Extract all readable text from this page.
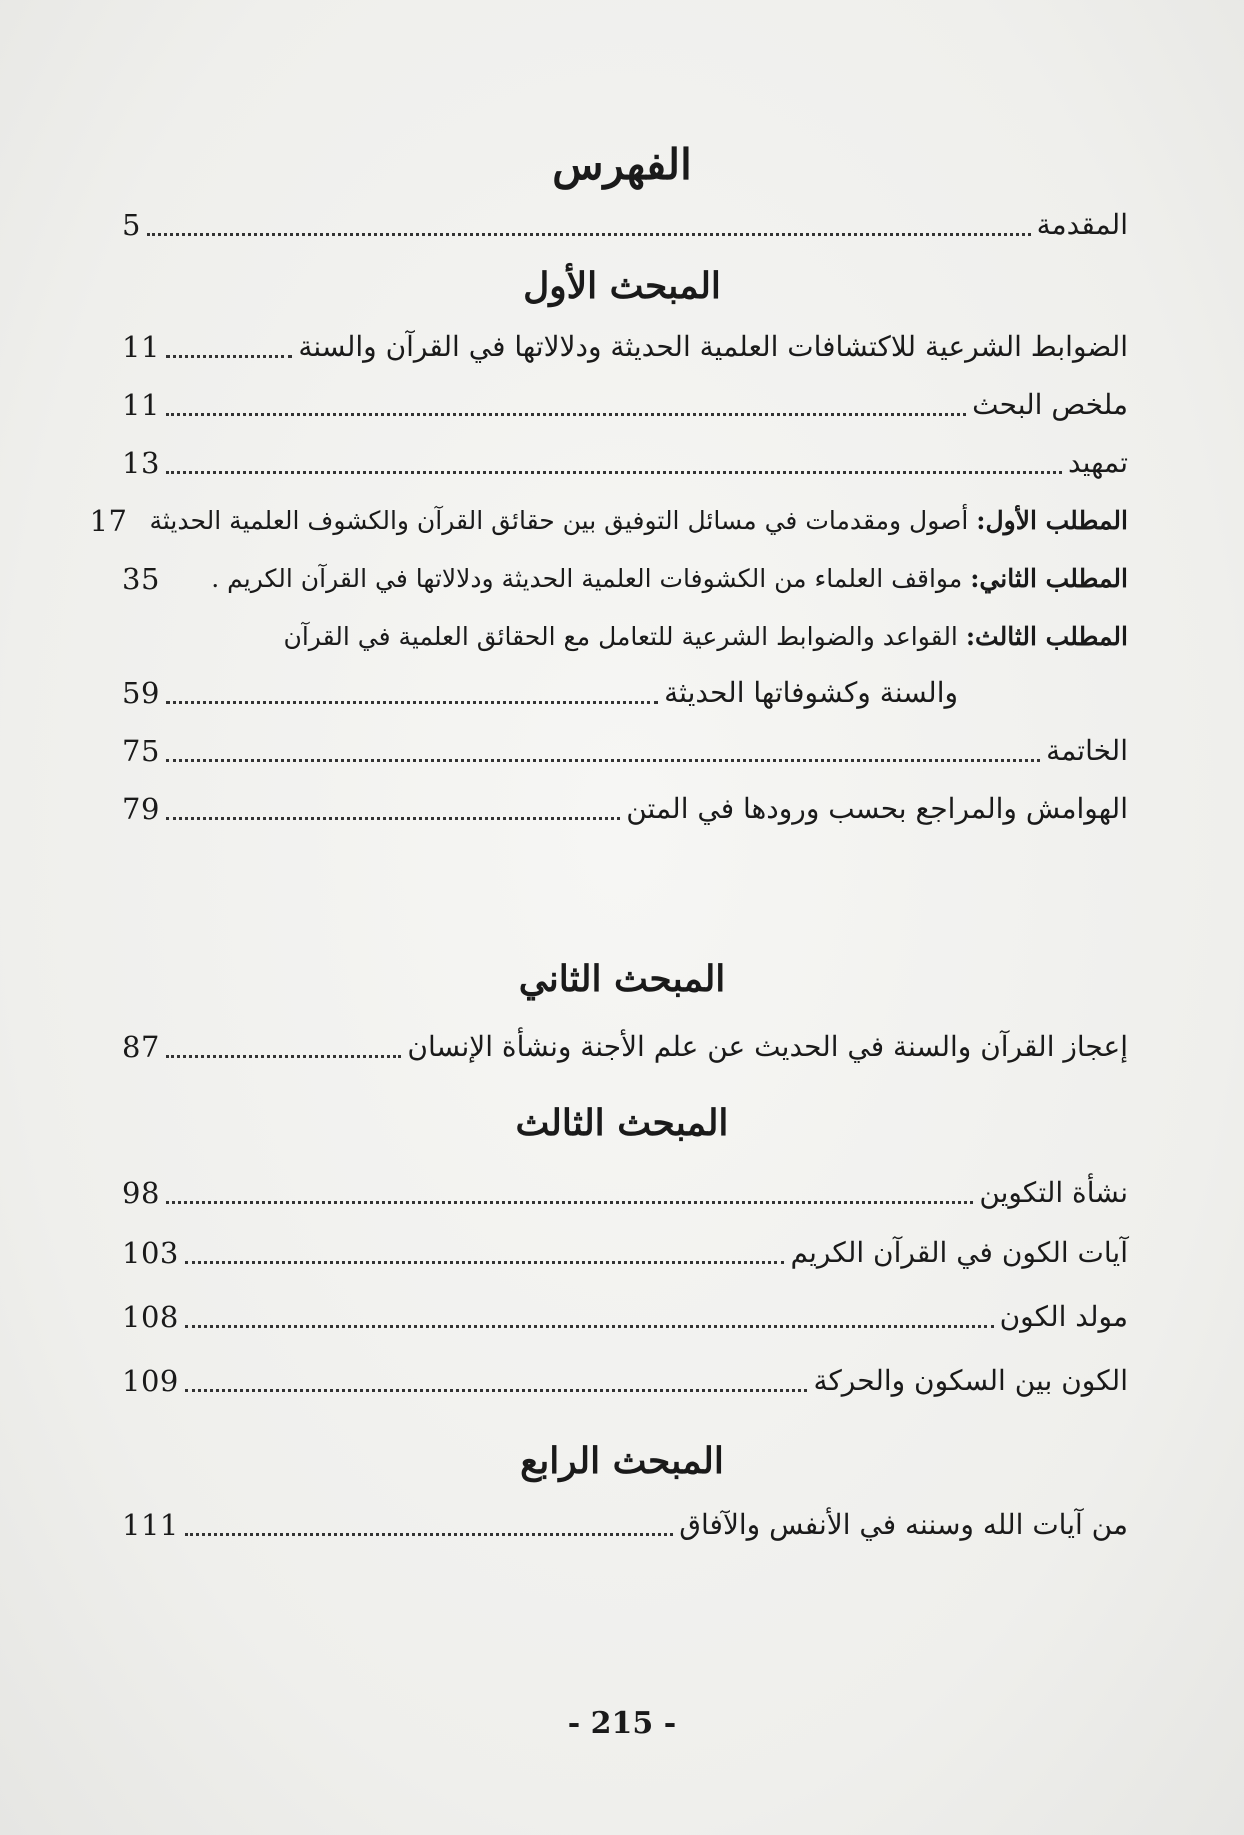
الفهرس
المقدمة
5
المبحث الأول
الضوابط الشرعية للاكتشافات العلمية الحديثة ودلالاتها في القرآن والسنة
11
ملخص البحث
11
تمهيد
13
المطلب الأول: أصول ومقدمات في مسائل التوفيق بين حقائق القرآن والكشوف العلمية الحديثة
17
المطلب الثاني: مواقف العلماء من الكشوفات العلمية الحديثة ودلالاتها في القرآن الكريم .
35
المطلب الثالث: القواعد والضوابط الشرعية للتعامل مع الحقائق العلمية في القرآن
والسنة وكشوفاتها الحديثة
59
الخاتمة
75
الهوامش والمراجع بحسب ورودها في المتن
79
المبحث الثاني
إعجاز القرآن والسنة في الحديث عن علم الأجنة ونشأة الإنسان
87
المبحث الثالث
نشأة التكوين
98
آيات الكون في القرآن الكريم
103
مولد الكون
108
الكون بين السكون والحركة
109
المبحث الرابع
من آيات الله وسننه في الأنفس والآفاق
111
- 215 -
